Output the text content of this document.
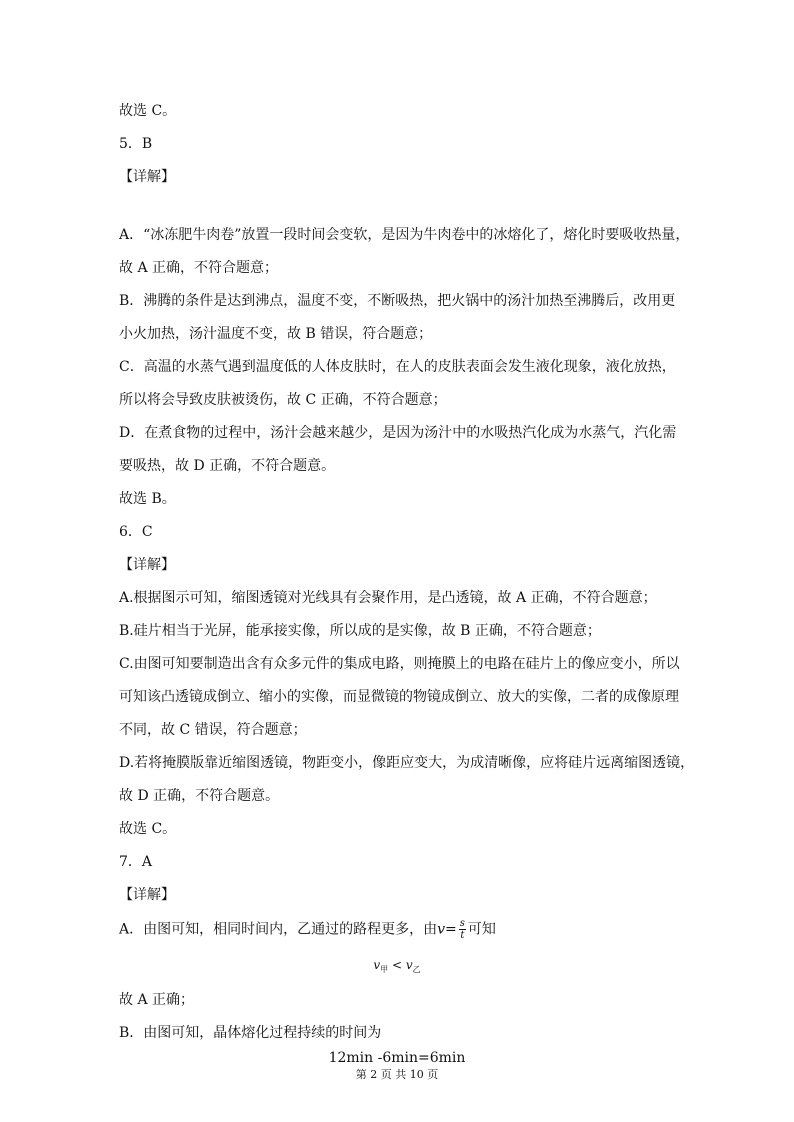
故选 C。
5．B
【详解】
A．“冰冻肥牛肉卷”放置一段时间会变软，是因为牛肉卷中的冰熔化了，熔化时要吸收热量，
故 A 正确，不符合题意；
B．沸腾的条件是达到沸点，温度不变，不断吸热，把火锅中的汤汁加热至沸腾后，改用更
小火加热，汤汁温度不变，故 B 错误，符合题意；
C．高温的水蒸气遇到温度低的人体皮肤时，在人的皮肤表面会发生液化现象，液化放热，
所以将会导致皮肤被烫伤，故 C 正确，不符合题意；
D．在煮食物的过程中，汤汁会越来越少，是因为汤汁中的水吸热汽化成为水蒸气，汽化需
要吸热，故 D 正确，不符合题意。
故选 B。
6．C
【详解】
A.根据图示可知，缩图透镜对光线具有会聚作用，是凸透镜，故 A 正确，不符合题意；
B.硅片相当于光屏，能承接实像，所以成的是实像，故 B 正确，不符合题意；
C.由图可知要制造出含有众多元件的集成电路，则掩膜上的电路在硅片上的像应变小，所以
可知该凸透镜成倒立、缩小的实像，而显微镜的物镜成倒立、放大的实像，二者的成像原理
不同，故 C 错误，符合题意；
D.若将掩膜版靠近缩图透镜，物距变小，像距应变大，为成清晰像，应将硅片远离缩图透镜，
故 D 正确，不符合题意。
故选 C。
7．A
【详解】
A．由图可知，相同时间内，乙通过的路程更多，由$v= \frac{s}{t}$ 可知
$v_甲 < v_乙$
故 A 正确；
B．由图可知，晶体熔化过程持续的时间为
12min -6min=6min
第 2 页 共 10 页
